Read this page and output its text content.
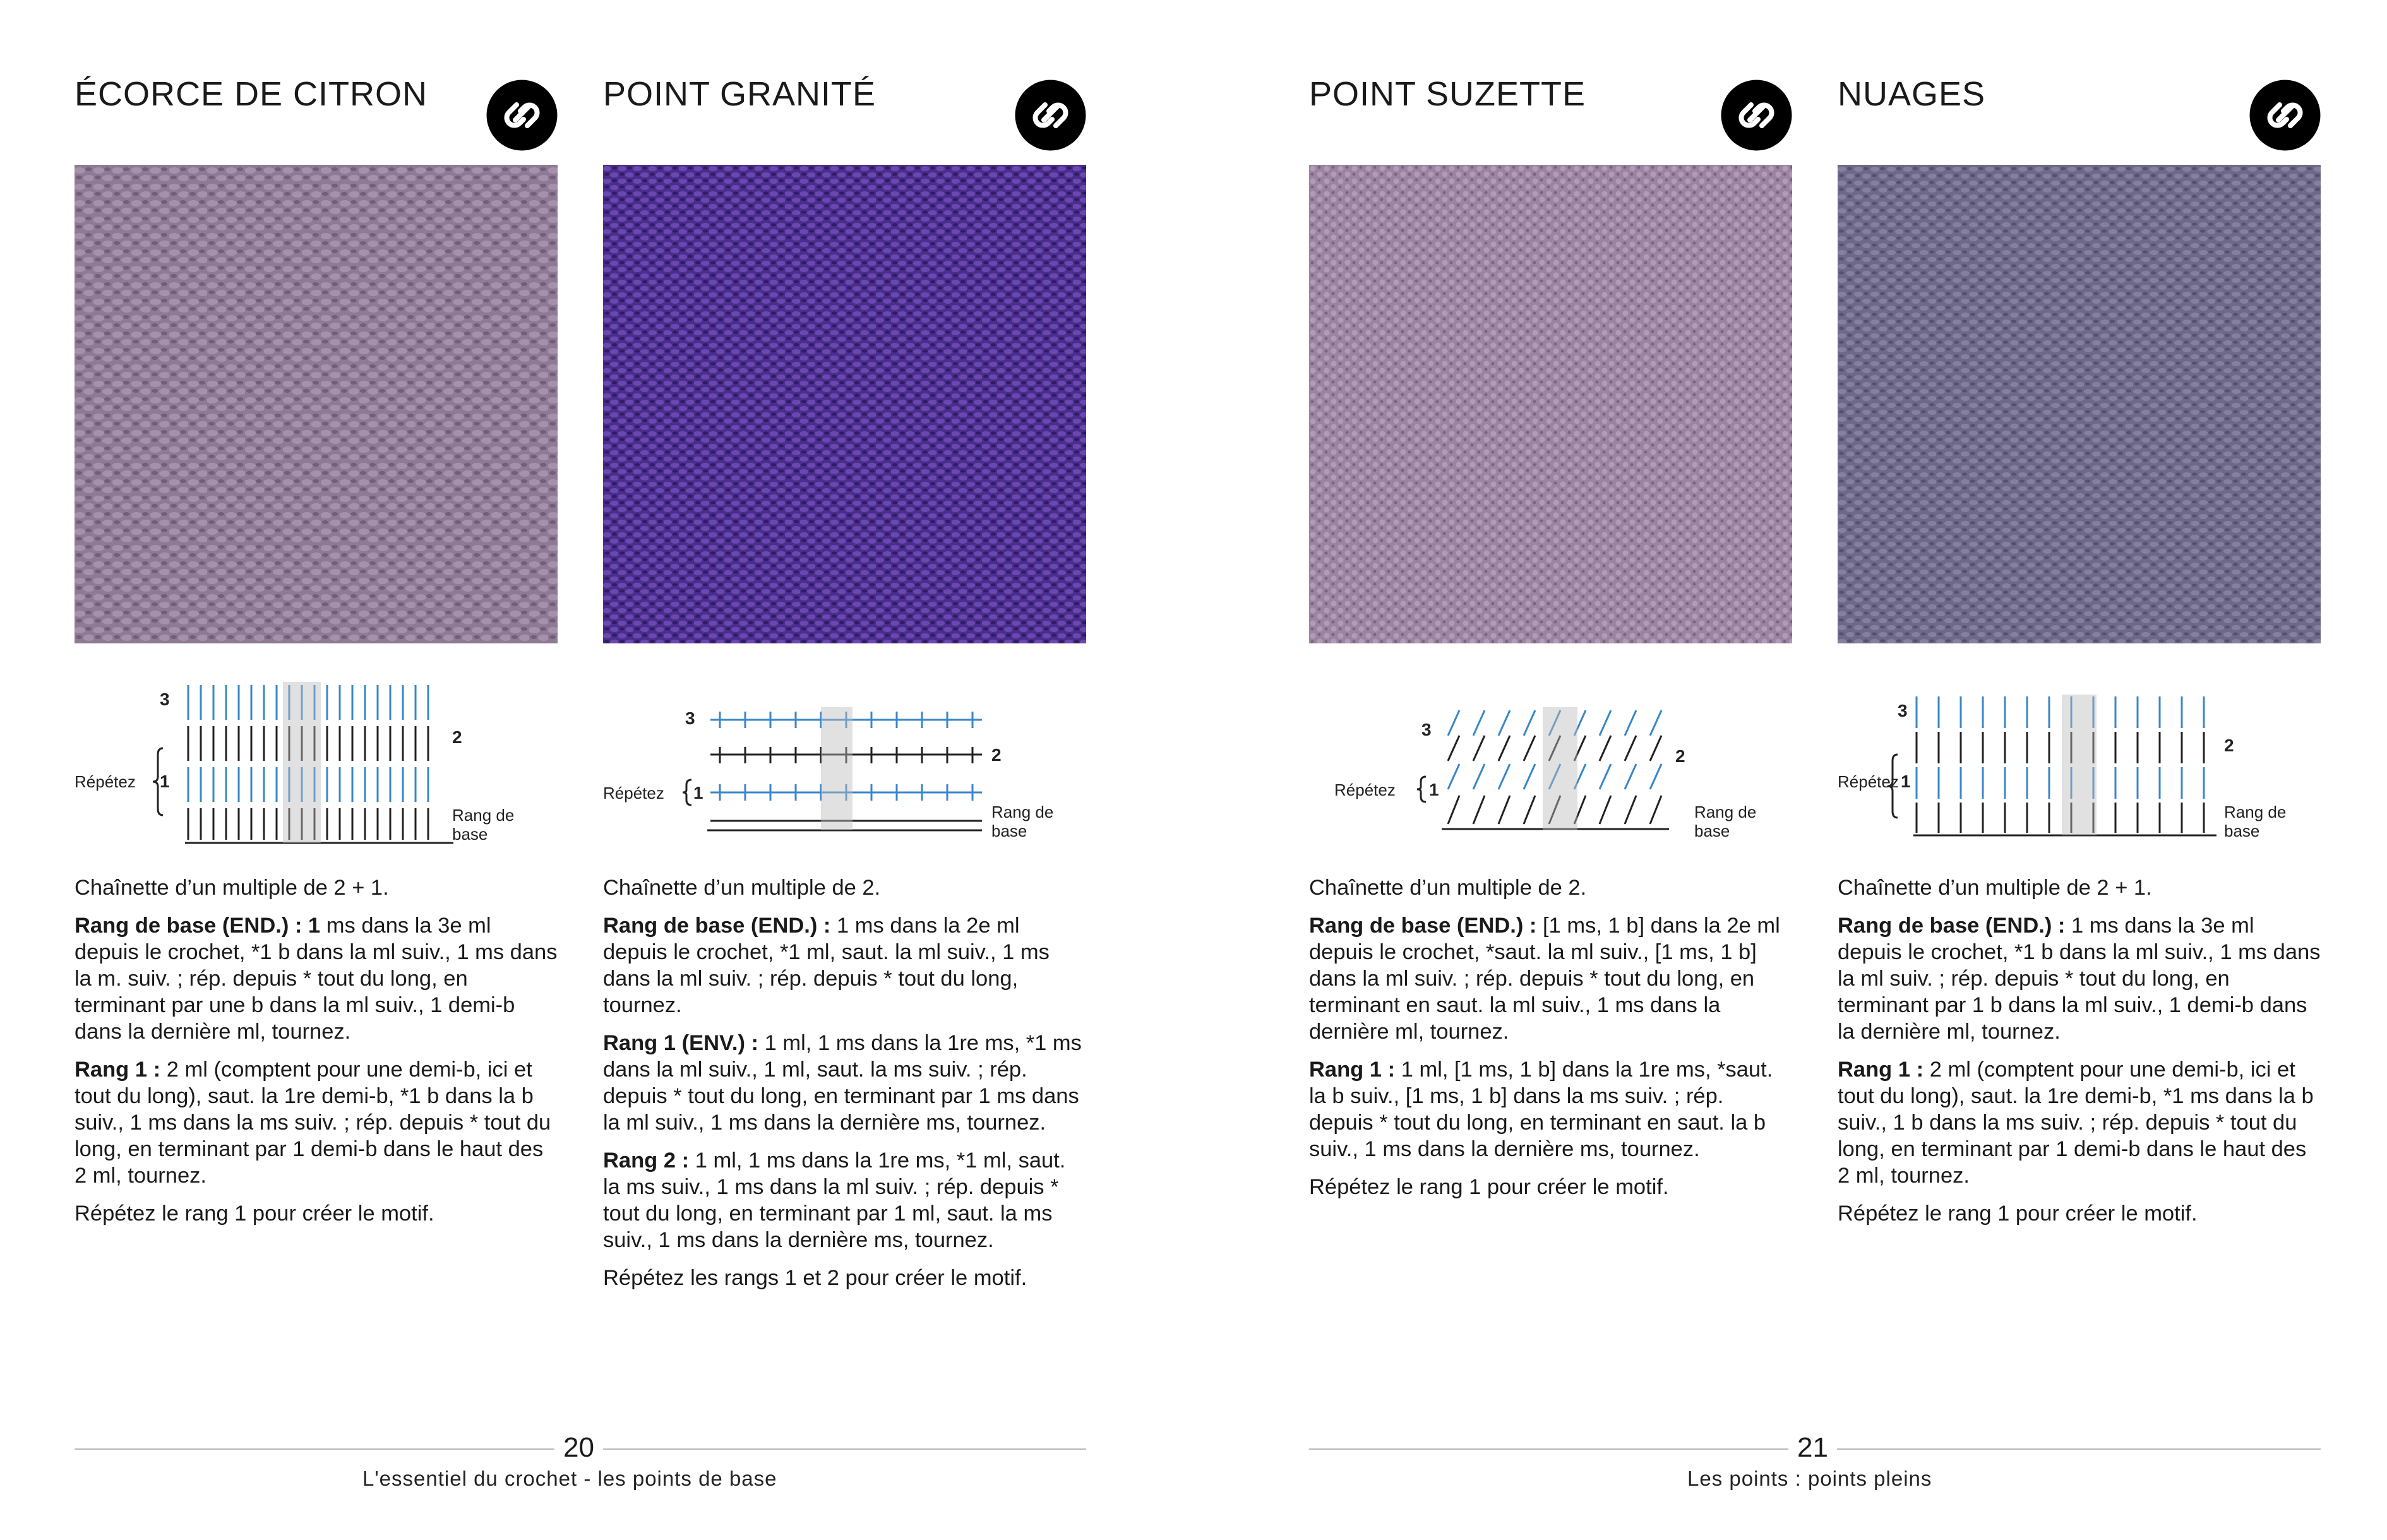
ÉCORCE DE CITRON
3
1
2
Répétez
Rang de
base

Chaînette d’un multiple de 2 + 1.

Rang de base (END.) : 1 ms dans la 3e ml depuis le crochet, *1 b dans la ml suiv., 1 ms dans la m. suiv. ; rép. depuis * tout du long, en terminant par une b dans la ml suiv., 1 demi-b dans la dernière ml, tournez.

Rang 1 : 2 ml (comptent pour une demi-b, ici et tout du long), saut. la 1re demi-b, *1 b dans la b suiv., 1 ms dans la ms suiv. ; rép. depuis * tout du long, en terminant par 1 demi-b dans le haut des 2 ml, tournez.

Répétez le rang 1 pour créer le motif.

POINT GRANITÉ
3
1
2
Répétez
Rang de
base

Chaînette d’un multiple de 2.

Rang de base (END.) : 1 ms dans la 2e ml depuis le crochet, *1 ml, saut. la ml suiv., 1 ms dans la ml suiv. ; rép. depuis * tout du long, tournez.

Rang 1 (ENV.) : 1 ml, 1 ms dans la 1re ms, *1 ms dans la ml suiv., 1 ml, saut. la ms suiv. ; rép. depuis * tout du long, en terminant par 1 ms dans la ml suiv., 1 ms dans la dernière ms, tournez.

Rang 2 : 1 ml, 1 ms dans la 1re ms, *1 ml, saut. la ms suiv., 1 ms dans la ml suiv. ; rép. depuis * tout du long, en terminant par 1 ml, saut. la ms suiv., 1 ms dans la dernière ms, tournez.

Répétez les rangs 1 et 2 pour créer le motif.

POINT SUZETTE
3
1
2
Répétez
Rang de
base

Chaînette d’un multiple de 2.

Rang de base (END.) : [1 ms, 1 b] dans la 2e ml depuis le crochet, *saut. la ml suiv., [1 ms, 1 b] dans la ml suiv. ; rép. depuis * tout du long, en terminant en saut. la ml suiv., 1 ms dans la dernière ml, tournez.

Rang 1 : 1 ml, [1 ms, 1 b] dans la 1re ms, *saut. la b suiv., [1 ms, 1 b] dans la ms suiv. ; rép. depuis * tout du long, en terminant en saut. la b suiv., 1 ms dans la dernière ms, tournez.

Répétez le rang 1 pour créer le motif.

NUAGES
3
1
2
Répétez
Rang de
base

Chaînette d’un multiple de 2 + 1.

Rang de base (END.) : 1 ms dans la 3e ml depuis le crochet, *1 b dans la ml suiv., 1 ms dans la ml suiv. ; rép. depuis * tout du long, en terminant par 1 b dans la ml suiv., 1 demi-b dans la dernière ml, tournez.

Rang 1 : 2 ml (comptent pour une demi-b, ici et tout du long), saut. la 1re demi-b, *1 ms dans la b suiv., 1 b dans la ms suiv. ; rép. depuis * tout du long, en terminant par 1 demi-b dans le haut des 2 ml, tournez.

Répétez le rang 1 pour créer le motif.

20
L'essentiel du crochet - les points de base
21
Les points : points pleins
